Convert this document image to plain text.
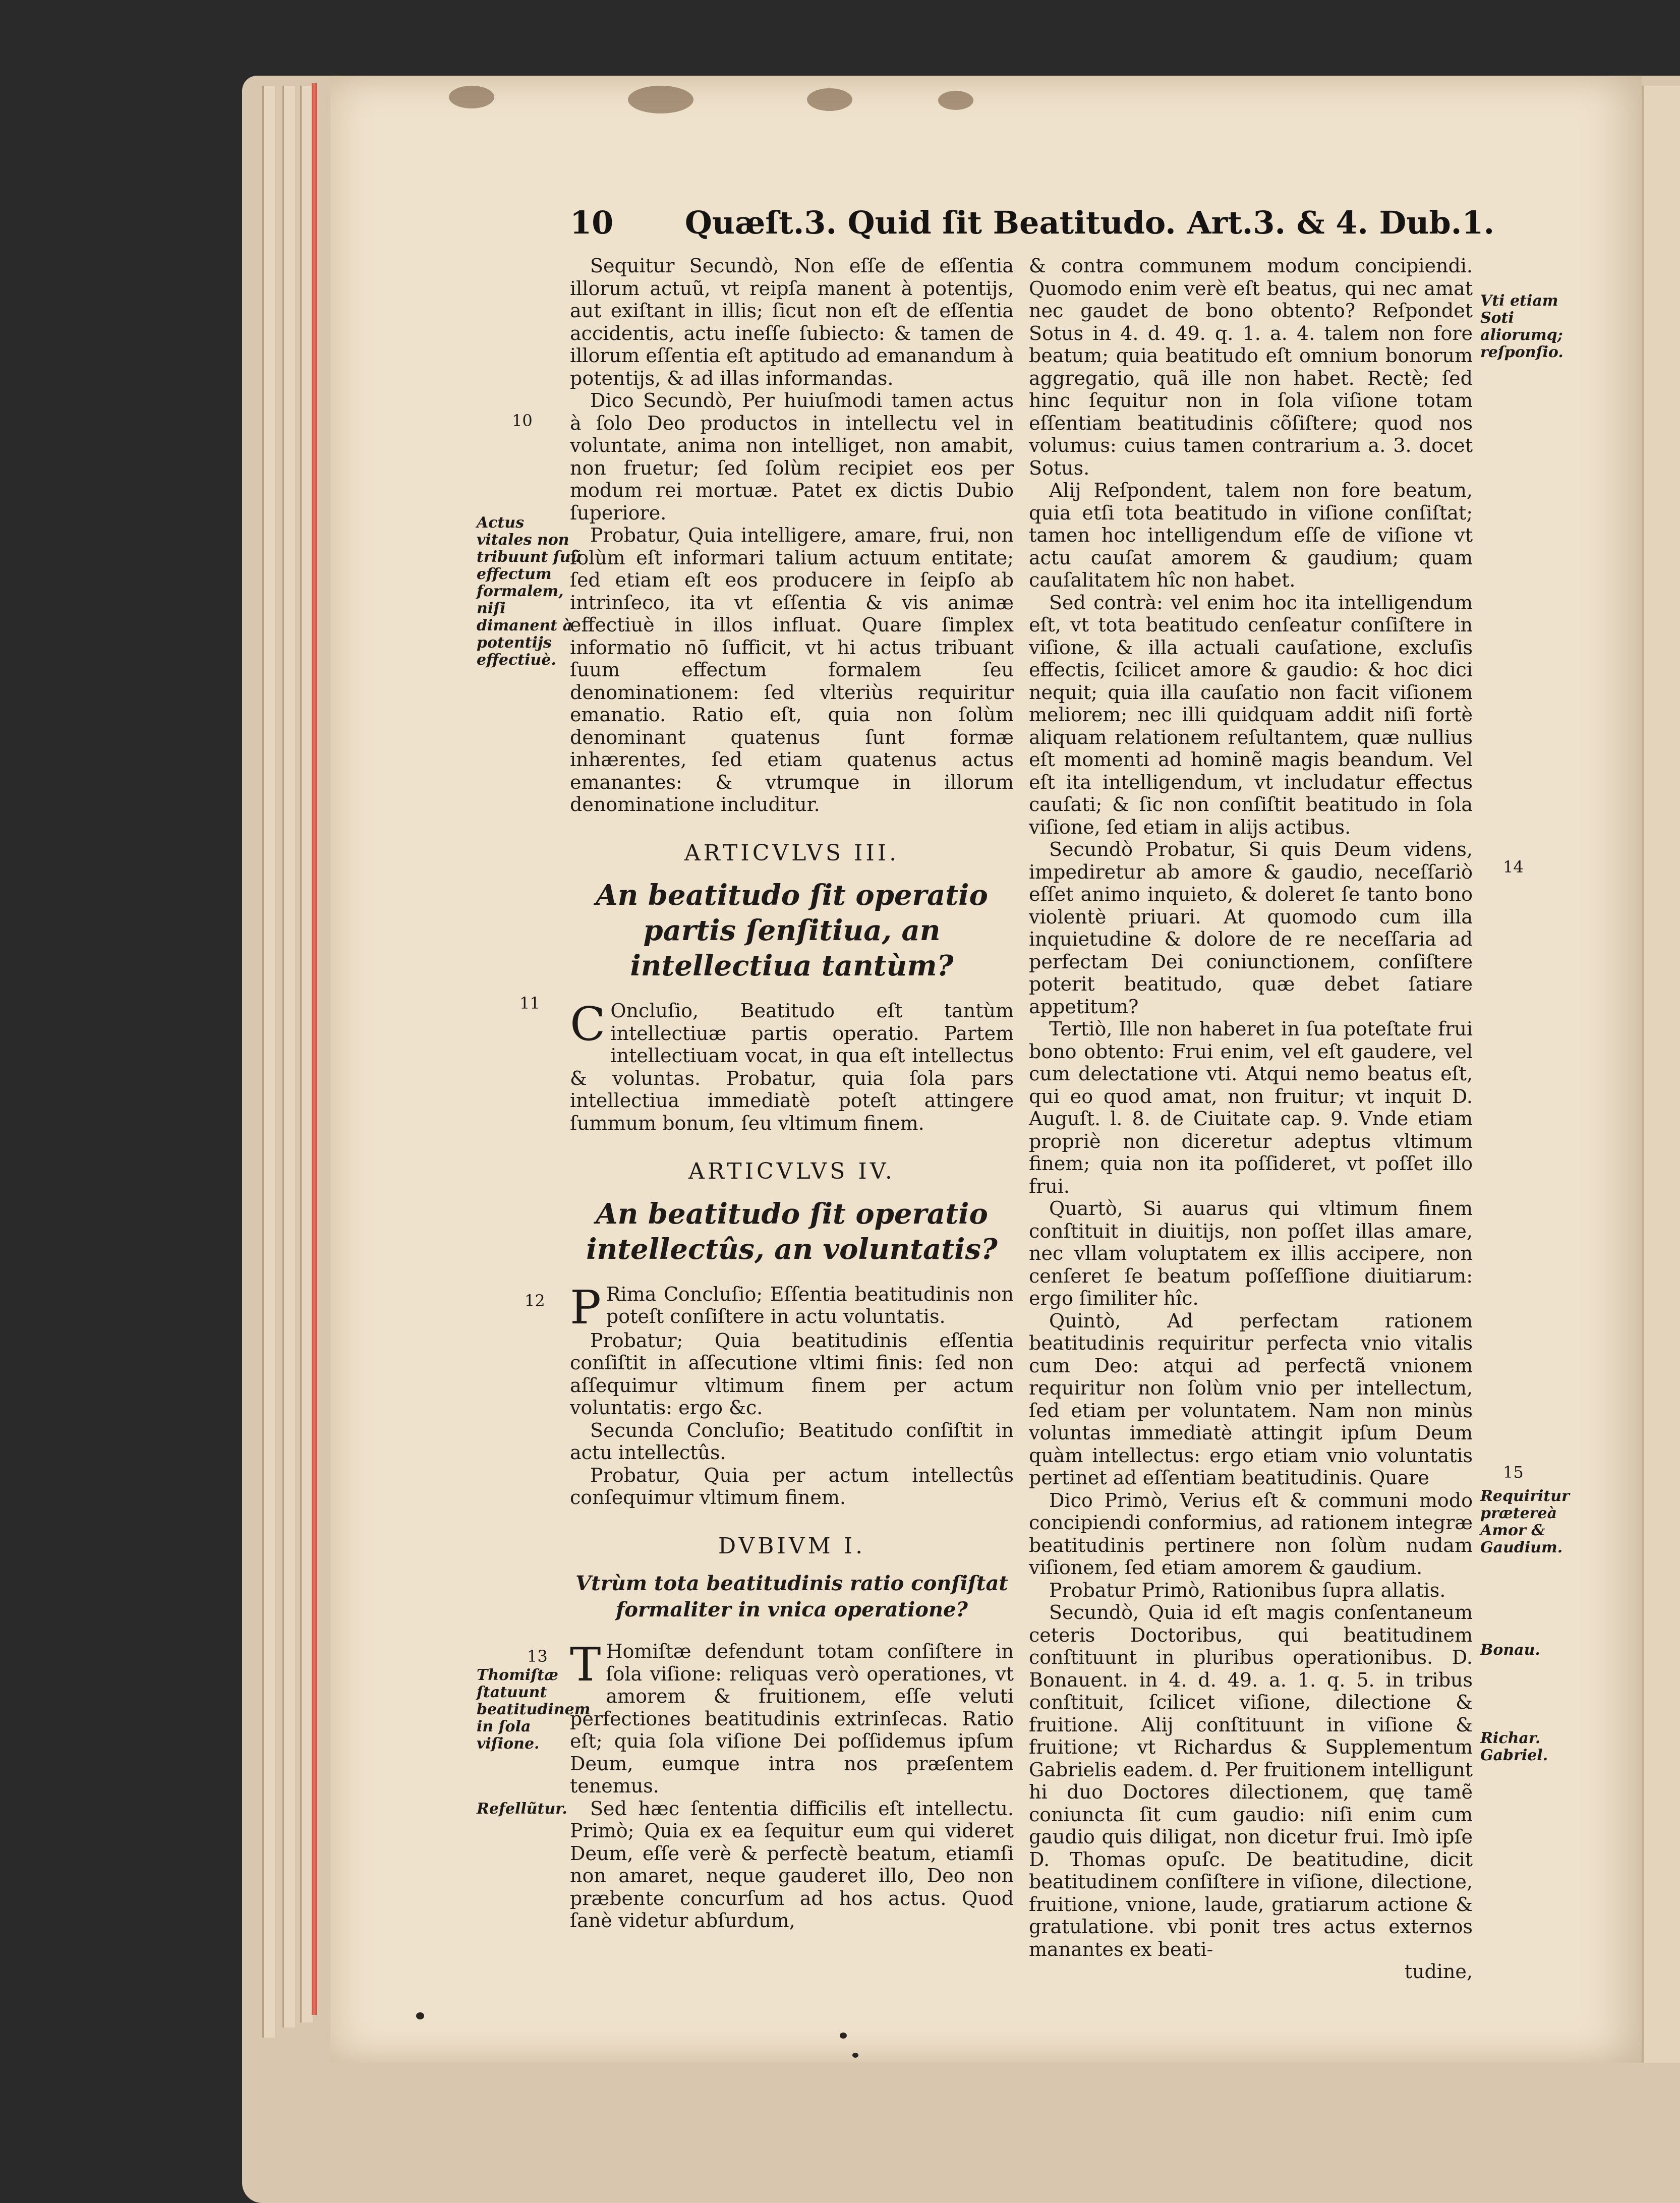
10 Quæſt.3. Quid ſit Beatitudo. Art.3. & 4. Dub.1.

Sequitur Secundò, Non eſſe de eſſentia illorum actuũ, vt reipſa manent à potentijs, aut exiſtant in illis; ſicut non eſt de eſſentia accidentis, actu ineſſe ſubiecto: & tamen de illorum eſſentia eſt aptitudo ad emanandum à potentijs, & ad illas informandas.

Dico Secundò, Per huiuſmodi tamen actus à ſolo Deo productos in intellectu vel in voluntate, anima non intelliget, non amabit, non fruetur; ſed ſolùm recipiet eos per modum rei mortuæ. Patet ex dictis Dubio ſuperiore.

Probatur, Quia intelligere, amare, frui, non ſolùm eſt informari talium actuum entitate; ſed etiam eſt eos producere in ſeipſo ab intrinſeco, ita vt eſſentia & vis animæ effectiuè in illos influat. Quare ſimplex informatio nō ſufficit, vt hi actus tribuant ſuum effectum formalem ſeu denominationem: ſed vlteriùs requiritur emanatio. Ratio eſt, quia non ſolùm denominant quatenus ſunt formæ inhærentes, ſed etiam quatenus actus emanantes: & vtrumque in illorum denominatione includitur.

ARTICVLVS III.
An beatitudo ſit operatio partis ſenſitiua, an intellectiua tantùm?

C Oncluſio, Beatitudo eſt tantùm intellectiuæ partis operatio. Partem intellectiuam vocat, in qua eſt intellectus & voluntas. Probatur, quia ſola pars intellectiua immediatè poteſt attingere ſummum bonum, ſeu vltimum finem.

ARTICVLVS IV.
An beatitudo ſit operatio intellectûs, an voluntatis?

P Rima Concluſio; Eſſentia beatitudinis non poteſt conſiſtere in actu voluntatis.

Probatur; Quia beatitudinis eſſentia conſiſtit in aſſecutione vltimi finis: ſed non aſſequimur vltimum finem per actum voluntatis: ergo &c.

Secunda Concluſio; Beatitudo conſiſtit in actu intellectûs.

Probatur, Quia per actum intellectûs conſequimur vltimum finem.

DVBIVM I.
Vtrùm tota beatitudinis ratio conſiſtat formaliter in vnica operatione?

T Homiſtæ defendunt totam conſiſtere in ſola viſione: reliquas verò operationes, vt amorem & fruitionem, eſſe veluti perfectiones beatitudinis extrinſecas. Ratio eſt; quia ſola viſione Dei poſſidemus ipſum Deum, eumque intra nos præſentem tenemus.

Sed hæc ſententia difficilis eſt intellectu. Primò; Quia ex ea ſequitur eum qui videret Deum, eſſe verè & perfectè beatum, etiamſi non amaret, neque gauderet illo, Deo non præbente concurſum ad hos actus. Quod ſanè videtur abſurdum,

& contra communem modum concipiendi. Quomodo enim verè eſt beatus, qui nec amat nec gaudet de bono obtento? Reſpondet Sotus in 4. d. 49. q. 1. a. 4. talem non fore beatum; quia beatitudo eſt omnium bonorum aggregatio, quã ille non habet. Rectè; ſed hinc ſequitur non in ſola viſione totam eſſentiam beatitudinis cõſiſtere; quod nos volumus: cuius tamen contrarium a. 3. docet Sotus.

Alij Reſpondent, talem non fore beatum, quia etſi tota beatitudo in viſione conſiſtat; tamen hoc intelligendum eſſe de viſione vt actu cauſat amorem & gaudium; quam cauſalitatem hîc non habet.

Sed contrà: vel enim hoc ita intelligendum eſt, vt tota beatitudo cenſeatur conſiſtere in viſione, & illa actuali cauſatione, excluſis effectis, ſcilicet amore & gaudio: & hoc dici nequit; quia illa cauſatio non facit viſionem meliorem; nec illi quidquam addit niſi fortè aliquam relationem reſultantem, quæ nullius eſt momenti ad hominẽ magis beandum. Vel eſt ita intelligendum, vt includatur effectus cauſati; & ſic non conſiſtit beatitudo in ſola viſione, ſed etiam in alijs actibus.

Secundò Probatur, Si quis Deum videns, impediretur ab amore & gaudio, neceſſariò eſſet animo inquieto, & doleret ſe tanto bono violentè priuari. At quomodo cum illa inquietudine & dolore de re neceſſaria ad perfectam Dei coniunctionem, conſiſtere poterit beatitudo, quæ debet ſatiare appetitum?

Tertiò, Ille non haberet in ſua poteſtate frui bono obtento: Frui enim, vel eſt gaudere, vel cum delectatione vti. Atqui nemo beatus eſt, qui eo quod amat, non fruitur; vt inquit D. Auguſt. l. 8. de Ciuitate cap. 9. Vnde etiam propriè non diceretur adeptus vltimum finem; quia non ita poſſideret, vt poſſet illo frui.

Quartò, Si auarus qui vltimum finem conſtituit in diuitijs, non poſſet illas amare, nec vllam voluptatem ex illis accipere, non cenſeret ſe beatum poſſeſſione diuitiarum: ergo ſimiliter hîc.

Quintò, Ad perfectam rationem beatitudinis requiritur perfecta vnio vitalis cum Deo: atqui ad perfectã vnionem requiritur non ſolùm vnio per intellectum, ſed etiam per voluntatem. Nam non minùs voluntas immediatè attingit ipſum Deum quàm intellectus: ergo etiam vnio voluntatis pertinet ad eſſentiam beatitudinis. Quare

Dico Primò, Verius eſt & communi modo concipiendi conformius, ad rationem integræ beatitudinis pertinere non ſolùm nudam viſionem, ſed etiam amorem & gaudium.

Probatur Primò, Rationibus ſupra allatis.

Secundò, Quia id eſt magis conſentaneum ceteris Doctoribus, qui beatitudinem conſtituunt in pluribus operationibus. D. Bonauent. in 4. d. 49. a. 1. q. 5. in tribus conſtituit, ſcilicet viſione, dilectione & fruitione. Alij conſtituunt in viſione & fruitione; vt Richardus & Supplementum Gabrielis eadem. d. Per fruitionem intelligunt hi duo Doctores dilectionem, quę tamẽ coniuncta ſit cum gaudio: niſi enim cum gaudio quis diligat, non dicetur frui. Imò ipſe D. Thomas opuſc. De beatitudine, dicit beatitudinem conſiſtere in viſione, dilectione, fruitione, vnione, laude, gratiarum actione & gratulatione. vbi ponit tres actus externos manantes ex beati-

tudine,

10
11
12
13
14
15
Actus vitales non tribuunt ſuũ effectum formalem, niſi dimanent à potentijs effectiuè.
Thomiſtæ ſtatuunt beatitudinem in ſola viſione.
Refellũtur.
Vti etiam Soti aliorumq; reſponſio.
Requiritur prætereà Amor & Gaudium.
Bonau.
Richar. Gabriel.
